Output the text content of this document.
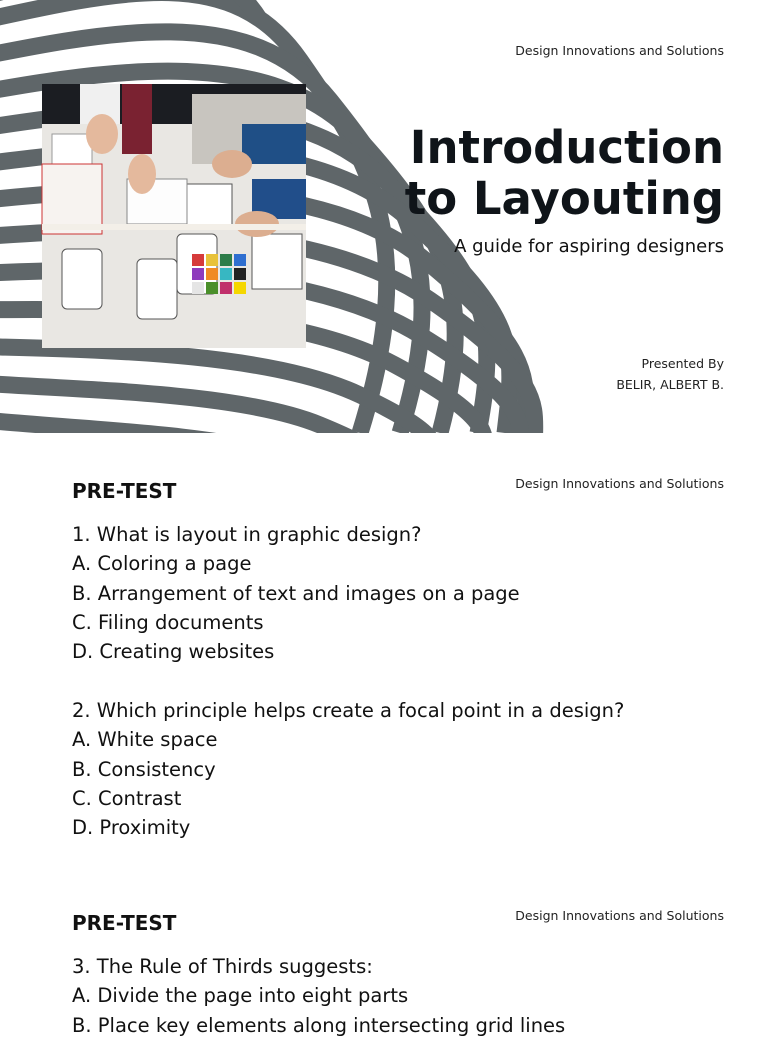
Design Innovations and Solutions
Introduction
to Layouting
A guide for aspiring designers
Presented By
BELIR, ALBERT B.
PRE-TEST	Design Innovations and Solutions
1. What is layout in graphic design?
A. Coloring a page
B. Arrangement of text and images on a page
C. Filing documents
D. Creating websites
2. Which principle helps create a focal point in a design?
A. White space
B. Consistency
C. Contrast
D. Proximity
PRE-TEST	Design Innovations and Solutions
3. The Rule of Thirds suggests:
A. Divide the page into eight parts
B. Place key elements along intersecting grid lines
